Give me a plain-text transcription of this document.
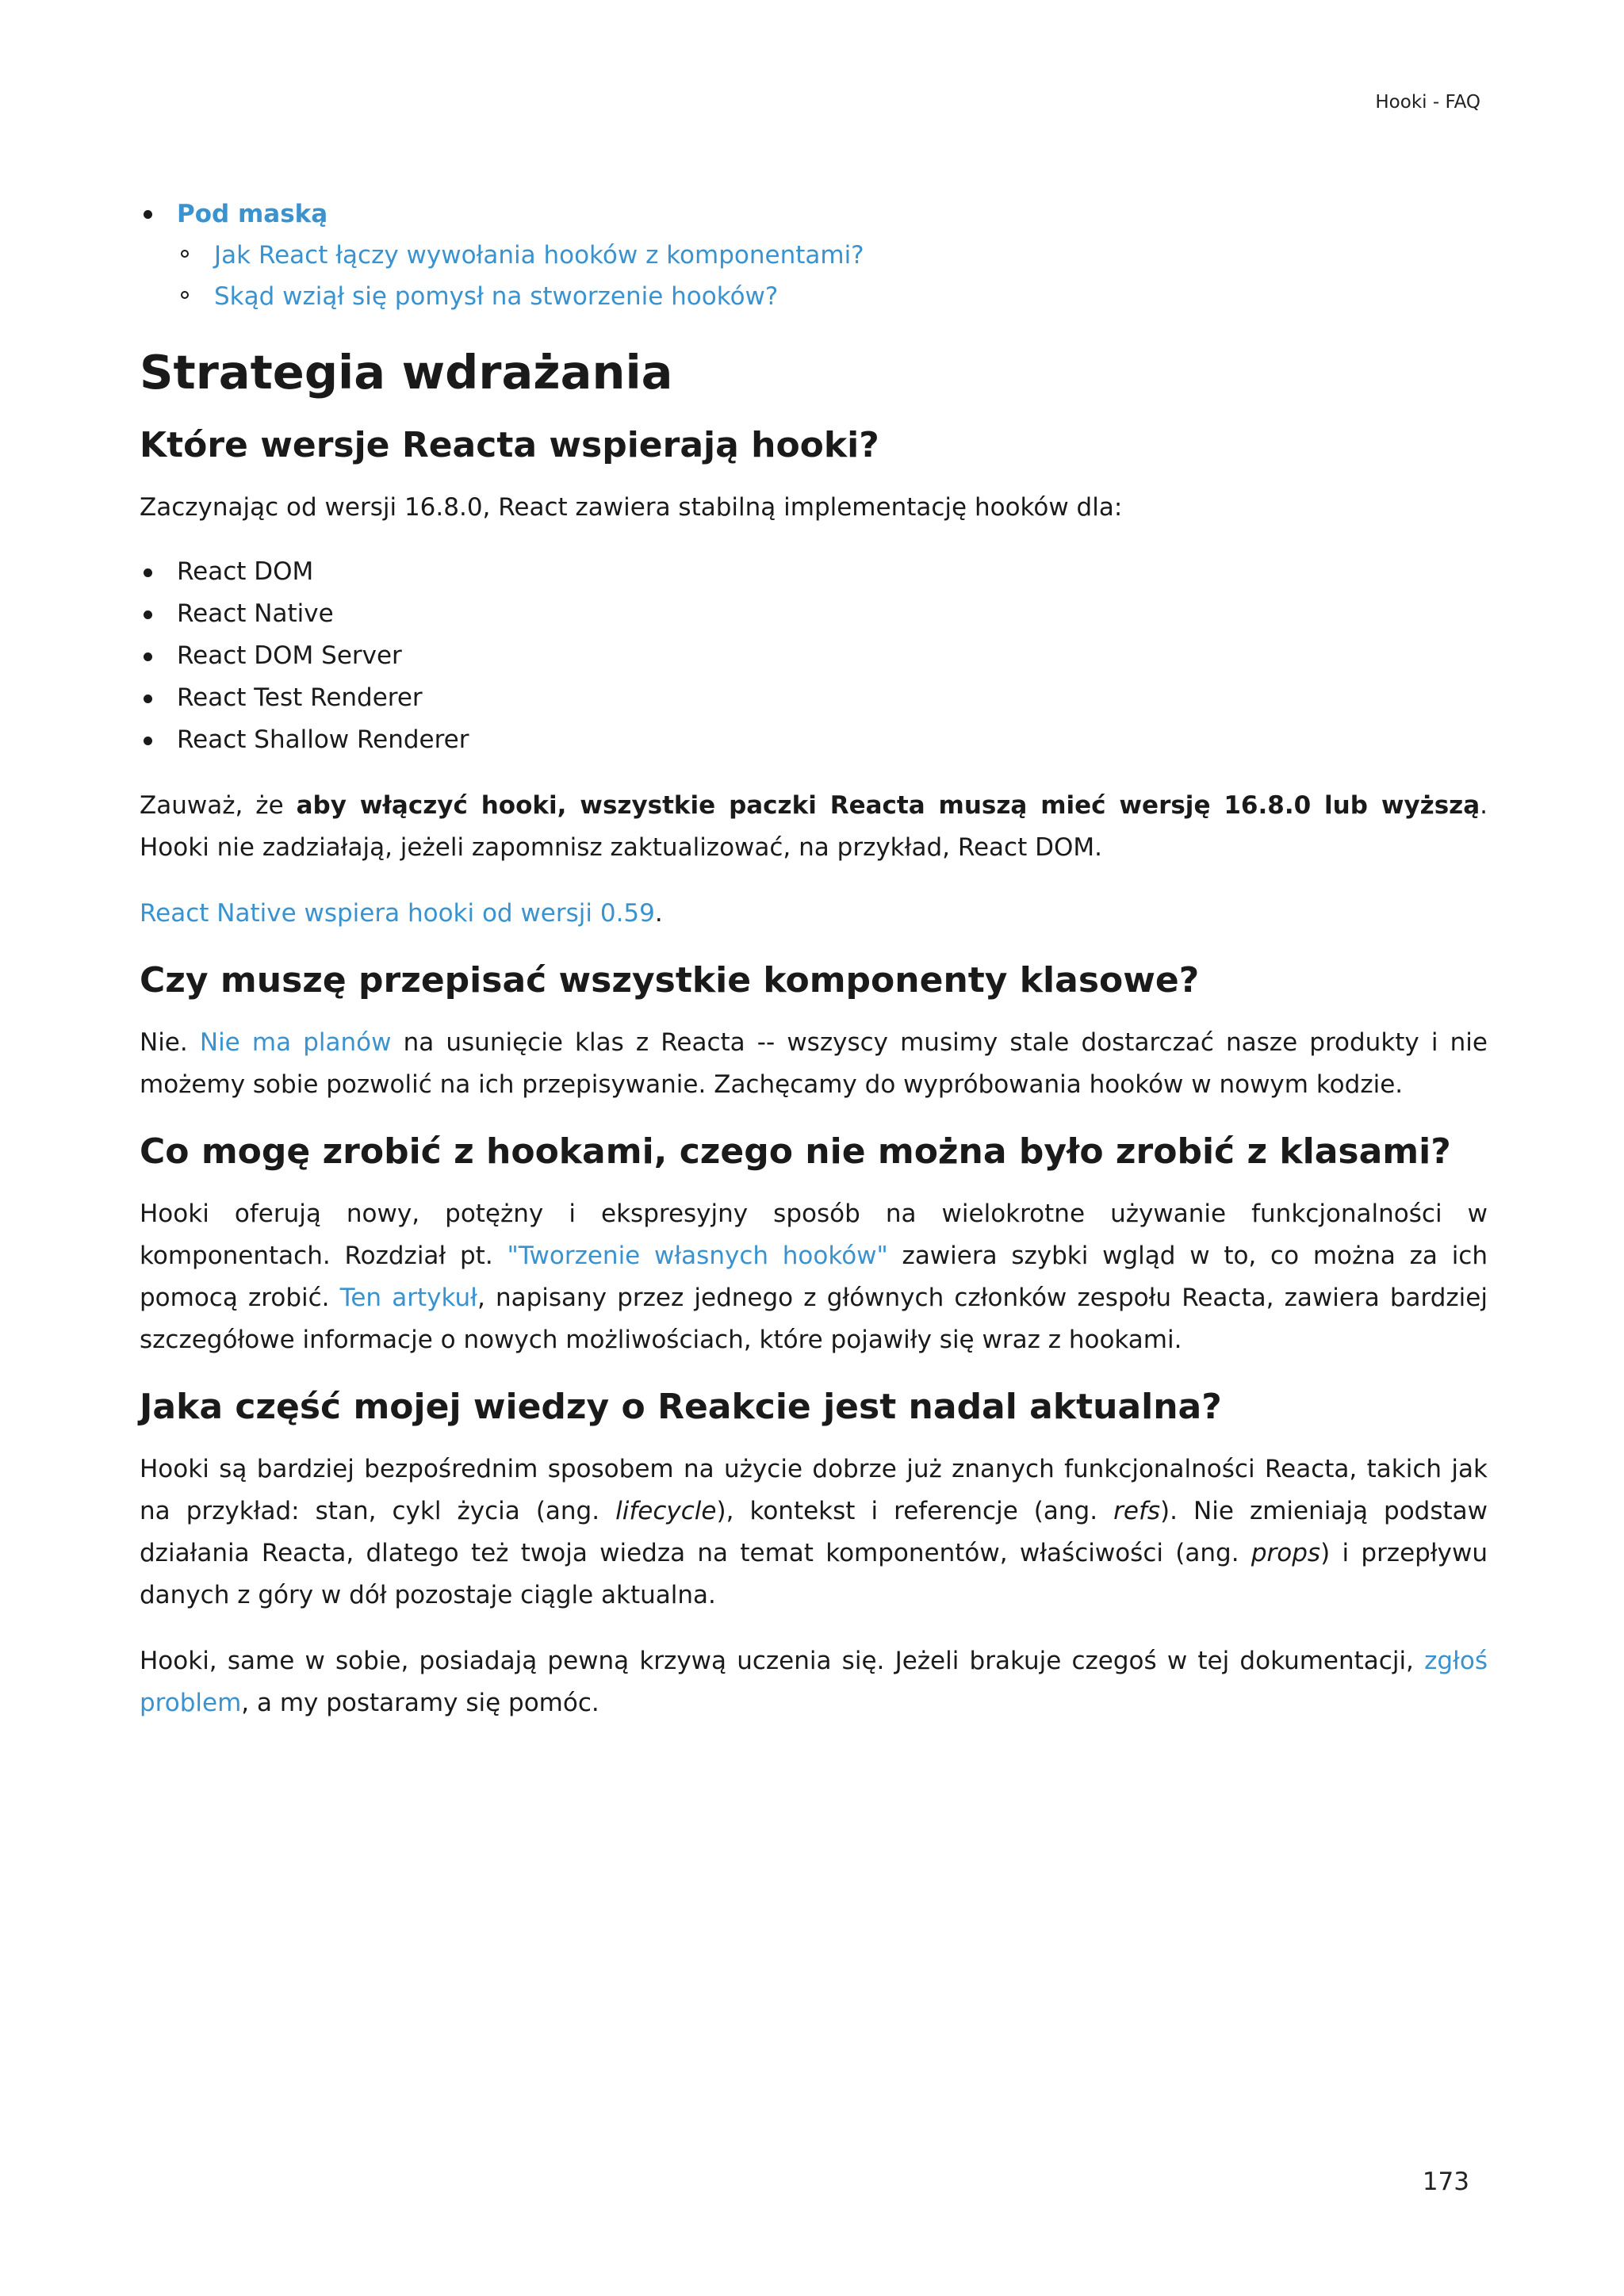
Hooki - FAQ
Pod maską
Jak React łączy wywołania hooków z komponentami?
Skąd wziął się pomysł na stworzenie hooków?
Strategia wdrażania
Które wersje Reacta wspierają hooki?

Zaczynając od wersji 16.8.0, React zawiera stabilną implementację hooków dla:

React DOM
React Native
React DOM Server
React Test Renderer
React Shallow Renderer

Zauważ, że aby włączyć hooki, wszystkie paczki Reacta muszą mieć wersję 16.8.0 lub wyższą. Hooki nie zadziałają, jeżeli zapomnisz zaktualizować, na przykład, React DOM.

React Native wspiera hooki od wersji 0.59.

Czy muszę przepisać wszystkie komponenty klasowe?

Nie. Nie ma planów na usunięcie klas z Reacta -- wszyscy musimy stale dostarczać nasze produkty i nie możemy sobie pozwolić na ich przepisywanie. Zachęcamy do wypróbowania hooków w nowym kodzie.

Co mogę zrobić z hookami, czego nie można było zrobić z klasami?

Hooki oferują nowy, potężny i ekspresyjny sposób na wielokrotne używanie funkcjonalności w komponentach. Rozdział pt. "Tworzenie własnych hooków" zawiera szybki wgląd w to, co można za ich pomocą zrobić. Ten artykuł, napisany przez jednego z głównych członków zespołu Reacta, zawiera bardziej szczegółowe informacje o nowych możliwościach, które pojawiły się wraz z hookami.

Jaka część mojej wiedzy o Reakcie jest nadal aktualna?

Hooki są bardziej bezpośrednim sposobem na użycie dobrze już znanych funkcjonalności Reacta, takich jak na przykład: stan, cykl życia (ang. lifecycle), kontekst i referencje (ang. refs). Nie zmieniają podstaw działania Reacta, dlatego też twoja wiedza na temat komponentów, właściwości (ang. props) i przepływu danych z góry w dół pozostaje ciągle aktualna.

Hooki, same w sobie, posiadają pewną krzywą uczenia się. Jeżeli brakuje czegoś w tej dokumentacji, zgłoś problem, a my postaramy się pomóc.

173
